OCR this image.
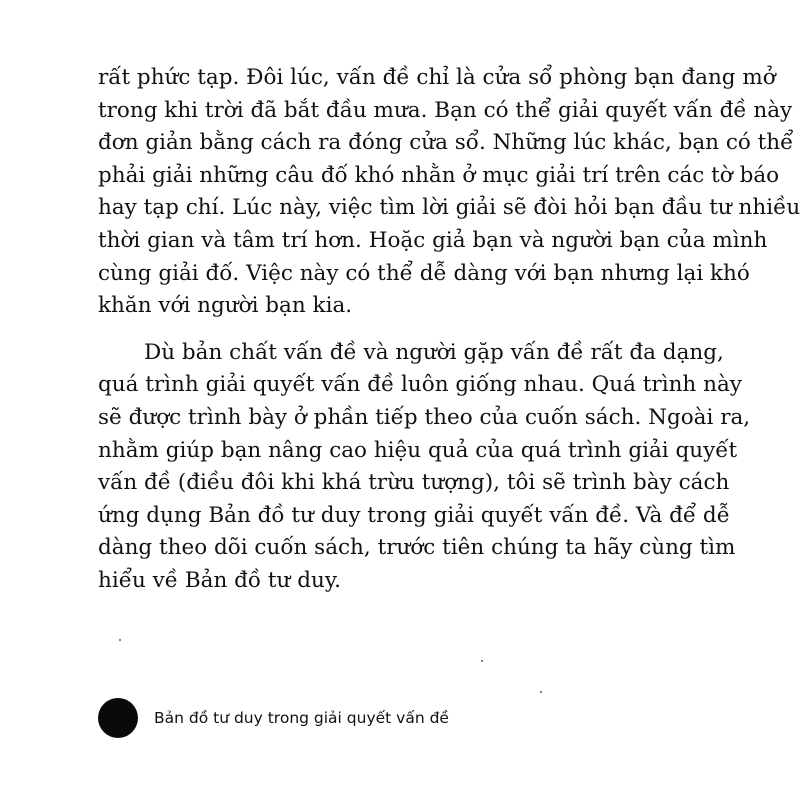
rất phức tạp. Đôi lúc, vấn đề chỉ là cửa sổ phòng bạn đang mở
trong khi trời đã bắt đầu mưa. Bạn có thể giải quyết vấn đề này
đơn giản bằng cách ra đóng cửa sổ. Những lúc khác, bạn có thể
phải giải những câu đố khó nhằn ở mục giải trí trên các tờ báo
hay tạp chí. Lúc này, việc tìm lời giải sẽ đòi hỏi bạn đầu tư nhiều
thời gian và tâm trí hơn. Hoặc giả bạn và người bạn của mình
cùng giải đố. Việc này có thể dễ dàng với bạn nhưng lại khó
khăn với người bạn kia.
Dù bản chất vấn đề và người gặp vấn đề rất đa dạng,
quá trình giải quyết vấn đề luôn giống nhau. Quá trình này
sẽ được trình bày ở phần tiếp theo của cuốn sách. Ngoài ra,
nhằm giúp bạn nâng cao hiệu quả của quá trình giải quyết
vấn đề (điều đôi khi khá trừu tượng), tôi sẽ trình bày cách
ứng dụng Bản đồ tư duy trong giải quyết vấn đề. Và để dễ
dàng theo dõi cuốn sách, trước tiên chúng ta hãy cùng tìm
hiểu về Bản đồ tư duy.
Bản đồ tư duy trong giải quyết vấn đề
